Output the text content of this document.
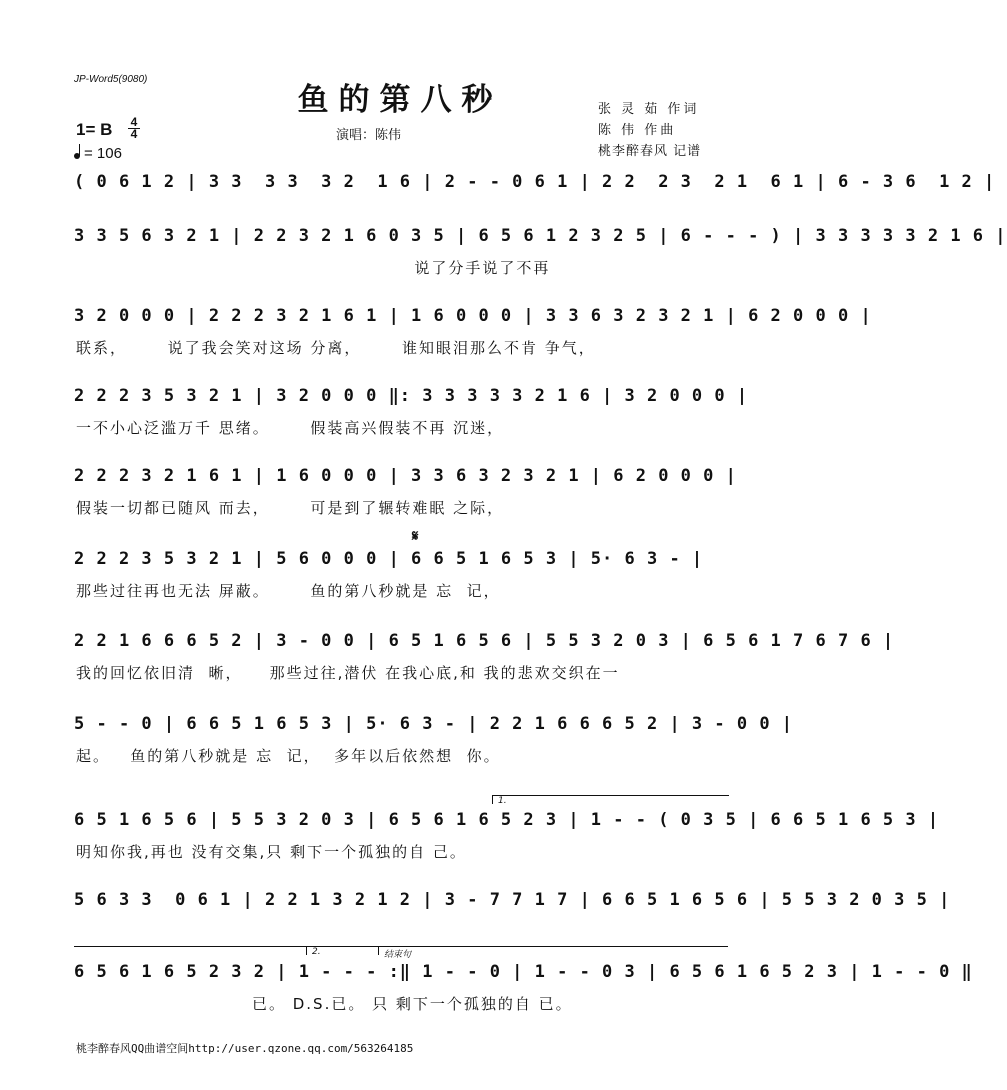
JP-Word5(9080)
鱼的第八秒
1= B 4
4
= 106
演唱：陈伟
张 灵 茹 作词
陈 伟 作曲
桃李醉春风 记谱
( 0 6 1 2 | 3 3  3 3  3 2  1 6 | 2 - - 0 6 1 | 2 2  2 3  2 1  6 1 | 6 - 3 6  1 2 |
3 3 5 6 3 2 1 | 2 2 3 2 1 6 0 3 5 | 6 5 6 1 2 3 2 5 | 6 - - - ) | 3 3 3 3 3 2 1 6 |
说了分手说了不再
3 2 0 0 0 | 2 2 2 3 2 1 6 1 | 1 6 0 0 0 | 3 3 6 3 2 3 2 1 | 6 2 0 0 0 |
联系，      说了我会笑对这场 分离，      谁知眼泪那么不肯 争气，
2 2 2 3 5 3 2 1 | 3 2 0 0 0 ‖: 3 3 3 3 3 2 1 6 | 3 2 0 0 0 |
一不小心泛滥万千 思绪。      假装高兴假装不再 沉迷，
2 2 2 3 2 1 6 1 | 1 6 0 0 0 | 3 3 6 3 2 3 2 1 | 6 2 0 0 0 |
假装一切都已随风 而去，      可是到了辗转难眠 之际，
𝄋
2 2 2 3 5 3 2 1 | 5 6 0 0 0 | 6 6 5 1 6 5 3 | 5· 6 3 - |
那些过往再也无法 屏蔽。      鱼的第八秒就是 忘  记，
2 2 1 6 6 6 5 2 | 3 - 0 0 | 6 5 1 6 5 6 | 5 5 3 2 0 3 | 6 5 6 1 7 6 7 6 |
我的回忆依旧清  晰，    那些过往,潜伏 在我心底,和 我的悲欢交织在一
5 - - 0 | 6 6 5 1 6 5 3 | 5· 6 3 - | 2 2 1 6 6 6 5 2 | 3 - 0 0 |
起。   鱼的第八秒就是 忘  记，  多年以后依然想  你。
1.
6 5 1 6 5 6 | 5 5 3 2 0 3 | 6 5 6 1 6 5 2 3 | 1 - - ( 0 3 5 | 6 6 5 1 6 5 3 |
明知你我,再也 没有交集,只 剩下一个孤独的自 己。
5 6 3 3  0 6 1 | 2 2 1 3 2 1 2 | 3 - 7 7 1 7 | 6 6 5 1 6 5 6 | 5 5 3 2 0 3 5 |
2.	结束句
6 5 6 1 6 5 2 3 2 | 1 - - - :‖ 1 - - 0 | 1 - - 0 3 | 6 5 6 1 6 5 2 3 | 1 - - 0 ‖
已。 D.S.已。 只 剩下一个孤独的自 已。
桃李醉春风QQ曲谱空间http://user.qzone.qq.com/563264185
